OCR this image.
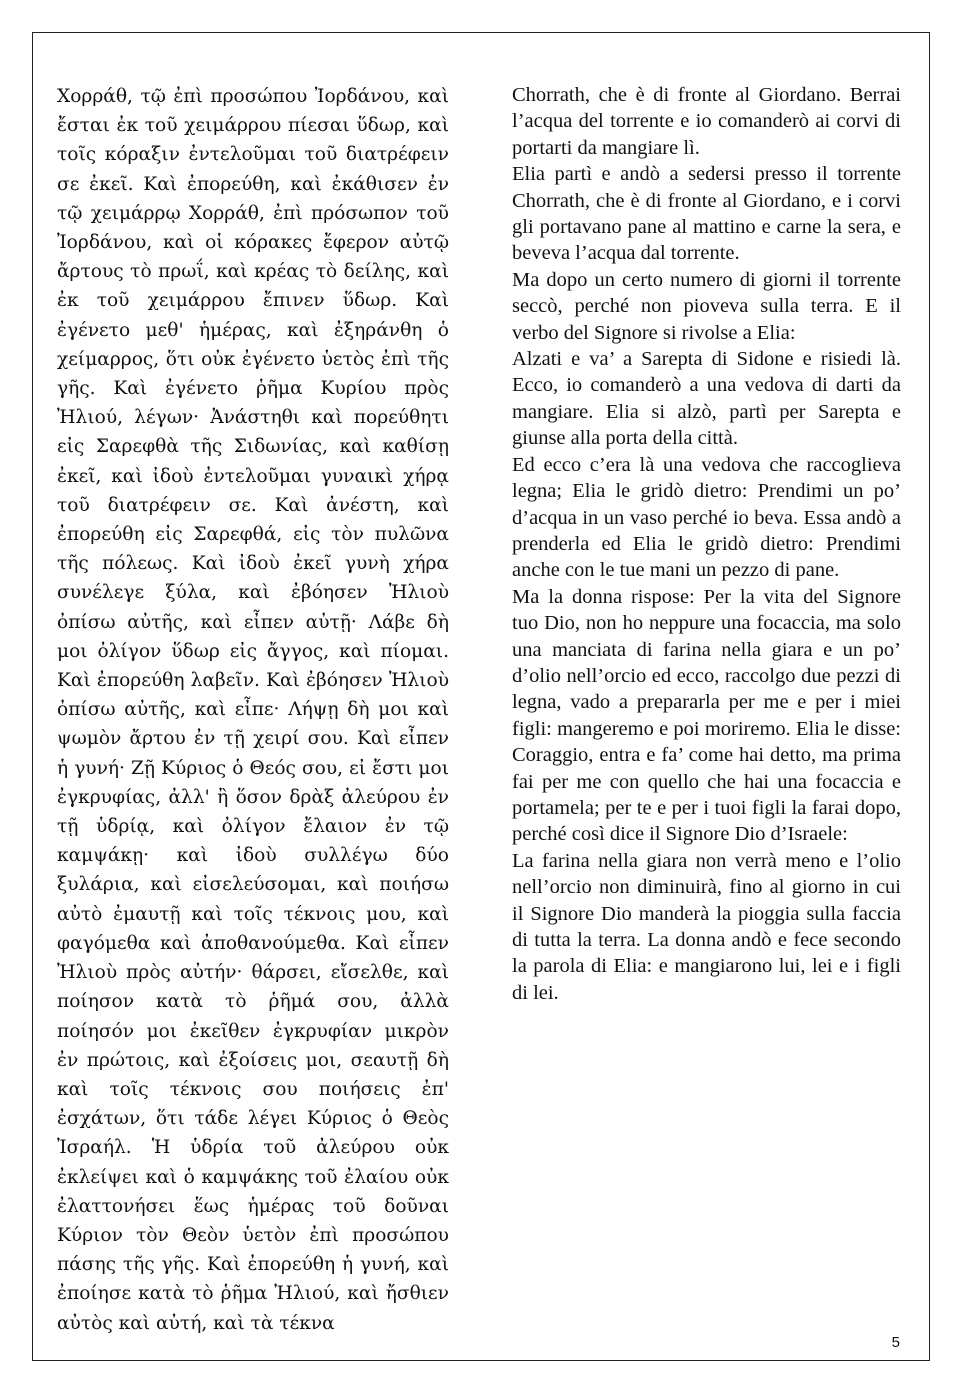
Χορράθ, τῷ ἐπὶ προσώπου Ἰορδάνου, καὶ ἔσται ἐκ τοῦ χειμάρρου πίεσαι ὕδωρ, καὶ τοῖς κόραξιν ἐντελοῦμαι τοῦ διατρέφειν σε ἐκεῖ. Καὶ ἐπορεύθη, καὶ ἐκάθισεν ἐν τῷ χειμάρρῳ Χορράθ, ἐπὶ πρόσωπον τοῦ Ἰορδάνου, καὶ οἱ κόρακες ἔφερον αὐτῷ ἄρτους τὸ πρωΐ, καὶ κρέας τὸ δείλης, καὶ ἐκ τοῦ χειμάρρου ἔπινεν ὕδωρ. Καὶ ἐγένετο μεθ' ἡμέρας, καὶ ἐξηράνθη ὁ χείμαρρος, ὅτι οὐκ ἐγένετο ὑετὸς ἐπὶ τῆς γῆς. Καὶ ἐγένετο ῥῆμα Κυρίου πρὸς Ἠλιού, λέγων· Ἀνάστηθι καὶ πορεύθητι εἰς Σαρεφθὰ τῆς Σιδωνίας, καὶ καθίσῃ ἐκεῖ, καὶ ἰδοὺ ἐντελοῦμαι γυναικὶ χήρᾳ τοῦ διατρέφειν σε. Καὶ ἀνέστη, καὶ ἐπορεύθη εἰς Σαρεφθά, εἰς τὸν πυλῶνα τῆς πόλεως. Καὶ ἰδοὺ ἐκεῖ γυνὴ χήρα συνέλεγε ξύλα, καὶ ἐβόησεν Ἠλιοὺ ὀπίσω αὐτῆς, καὶ εἶπεν αὐτῇ· Λάβε δὴ μοι ὀλίγον ὕδωρ εἰς ἄγγος, καὶ πίομαι. Καὶ ἐπορεύθη λαβεῖν. Καὶ ἐβόησεν Ἠλιοὺ ὀπίσω αὐτῆς, καὶ εἶπε· Λήψῃ δὴ μοι καὶ ψωμὸν ἄρτου ἐν τῇ χειρί σου. Καὶ εἶπεν ἡ γυνή· Ζῇ Κύριος ὁ Θεός σου, εἰ ἔστι μοι ἐγκρυφίας, ἀλλ' ἢ ὅσον δρὰξ ἀλεύρου ἐν τῇ ὑδρίᾳ, καὶ ὀλίγον ἔλαιον ἐν τῷ καμψάκῃ· καὶ ἰδοὺ συλλέγω δύο ξυλάρια, καὶ εἰσελεύσομαι, καὶ ποιήσω αὐτὸ ἐμαυτῇ καὶ τοῖς τέκνοις μου, καὶ φαγόμεθα καὶ ἀποθανούμεθα. Καὶ εἶπεν Ἠλιοὺ πρὸς αὐτήν· θάρσει, εἴσελθε, καὶ ποίησον κατὰ τὸ ῥῆμά σου, ἀλλὰ ποίησόν μοι ἐκεῖθεν ἐγκρυφίαν μικρὸν ἐν πρώτοις, καὶ ἐξοίσεις μοι, σεαυτῇ δὴ καὶ τοῖς τέκνοις σου ποιήσεις ἐπ' ἐσχάτων, ὅτι τάδε λέγει Κύριος ὁ Θεὸς Ἰσραήλ. Ἡ ὑδρία τοῦ ἀλεύρου οὐκ ἐκλείψει καὶ ὁ καμψάκης τοῦ ἐλαίου οὐκ ἐλαττονήσει ἕως ἡμέρας τοῦ δοῦναι Κύριον τὸν Θεὸν ὑετὸν ἐπὶ προσώπου πάσης τῆς γῆς. Καὶ ἐπορεύθη ἡ γυνή, καὶ ἐποίησε κατὰ τὸ ῥῆμα Ἠλιού, καὶ ἤσθιεν αὐτὸς καὶ αὐτή, καὶ τὰ τέκνα

Chorrath, che è di fronte al Giordano. Berrai l’acqua del torrente e io comanderò ai corvi di portarti da mangiare lì.

Elia partì e andò a sedersi presso il torrente Chorrath, che è di fronte al Giordano, e i corvi gli portavano pane al mattino e carne la sera, e beveva l’acqua dal torrente.

Ma dopo un certo numero di giorni il torrente seccò, perché non pioveva sulla terra. E il verbo del Signore si rivolse a Elia:

Alzati e va’ a Sarepta di Sidone e risiedi là. Ecco, io comanderò a una vedova di darti da mangiare. Elia si alzò, partì per Sarepta e giunse alla porta della città.

Ed ecco c’era là una vedova che raccoglieva legna; Elia le gridò dietro: Prendimi un po’ d’acqua in un vaso perché io beva. Essa andò a prenderla ed Elia le gridò dietro: Prendimi anche con le tue mani un pezzo di pane.

Ma la donna rispose: Per la vita del Signore tuo Dio, non ho neppure una focaccia, ma solo una manciata di farina nella giara e un po’ d’olio nell’orcio ed ecco, raccolgo due pezzi di legna, vado a prepararla per me e per i miei figli: mangeremo e poi moriremo. Elia le disse: Coraggio, entra e fa’ come hai detto, ma prima fai per me con quello che hai una focaccia e portamela; per te e per i tuoi figli la farai dopo, perché così dice il Signore Dio d’Israele:

La farina nella giara non verrà meno e l’olio nell’orcio non diminuirà, fino al giorno in cui il Signore Dio manderà la pioggia sulla faccia di tutta la terra. La donna andò e fece secondo la parola di Elia: e mangiarono lui, lei e i figli di lei.

5
